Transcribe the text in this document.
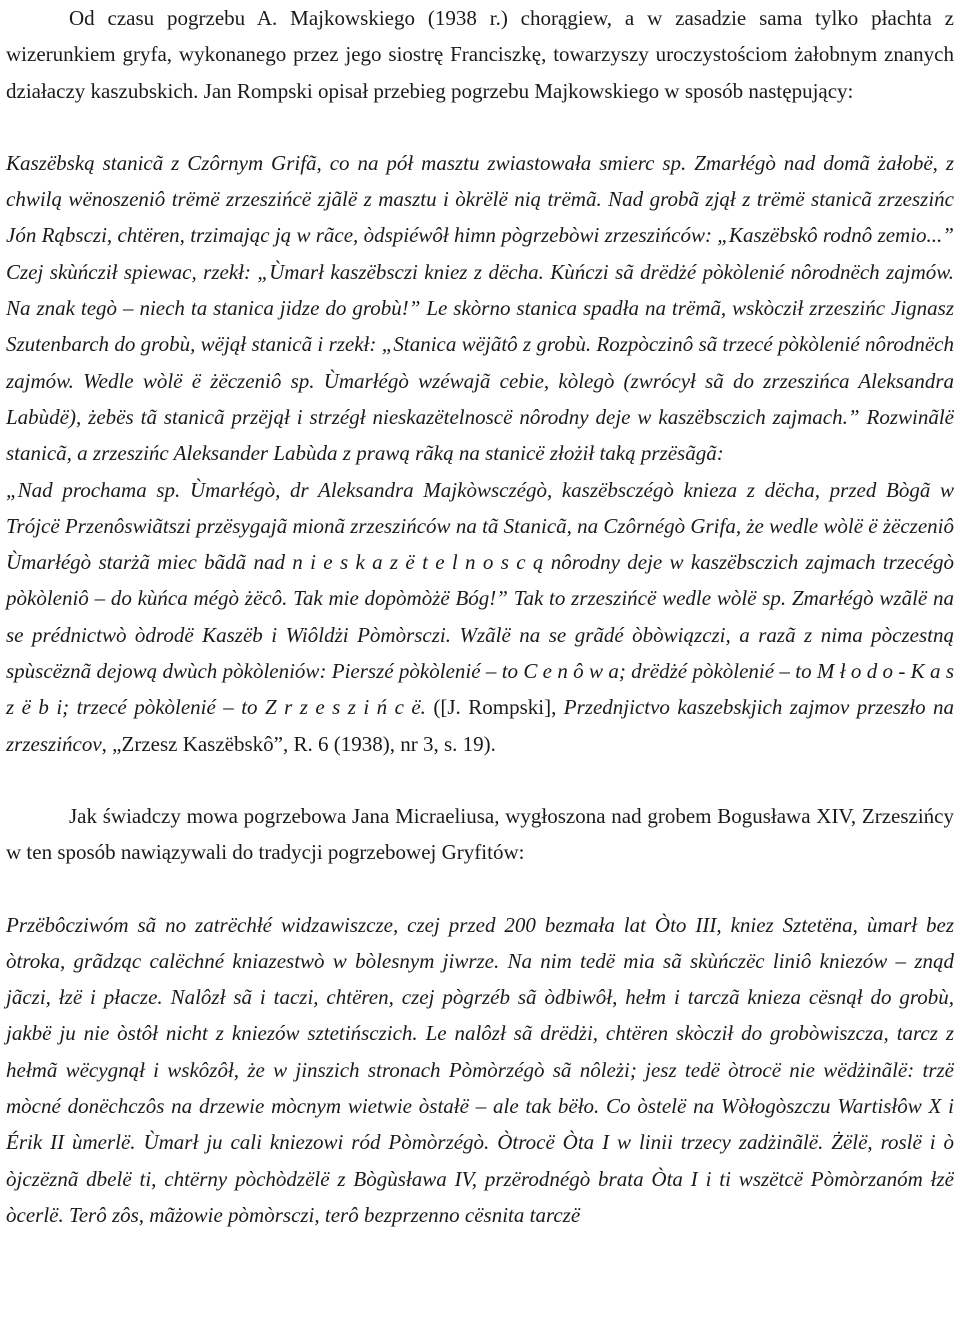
Od czasu pogrzebu A. Majkowskiego (1938 r.) chorągiew, a w zasadzie sama tylko płachta z wizerunkiem gryfa, wykonanego przez jego siostrę Franciszkę, towarzyszy uroczystościom żałobnym znanych działaczy kaszubskich. Jan Rompski opisał przebieg pogrzebu Majkowskiego w sposób następujący:

Kaszëbską stanicã z Czôrnym Grifã, co na pół masztu zwiastowała smierc sp. Zmarłégò nad domã żałobë, z chwilą wënoszeniô trëmë zrzeszińcë zjãlë z masztu i òkrëlë nią trëmã. Nad grobã zjął z trëmë stanicã zrzeszińc Jón Rąbsczi, chtëren, trzimając ją w rãce, òdspiéwôł himn pògrzebòwi zrzeszińców: „Kaszëbskô rodnô zemio...” Czej skùńcził spiewac, rzekł: „Ùmarł kaszëbsczi kniez z dëcha. Kùńczi sã drëdżé pòkòlenié nôrodnëch zajmów. Na znak tegò – niech ta stanica jidze do grobù!” Le skòrno stanica spadła na trëmã, wskòcził zrzeszińc Jignasz Szutenbarch do grobù, wëjął stanicã i rzekł: „Stanica wëjãtô z grobù. Rozpòczinô sã trzecé pòkòlenié nôrodnëch zajmów. Wedle wòlë ë żëczeniô sp. Ùmarłégò wzéwajã cebie, kòlegò (zwrócył sã do zrzeszińca Aleksandra Labùdë), żebës tã stanicã przëjął i strzégł nieskazëtelnoscë nôrodny deje w kaszëbsczich zajmach.” Rozwinãlë stanicã, a zrzeszińc Aleksander Labùda z prawą rãką na stanicë złożił taką przësãgã:

„Nad prochama sp. Ùmarłégò, dr Aleksandra Majkòwsczégò, kaszëbsczégò knieza z dëcha, przed Bògã w Trójcë Przenôswiãtszi przësygajã mionã zrzeszińców na tã Stanicã, na Czôrnégò Grifa, że wedle wòlë ë żëczeniô Ùmarłégò starżã miec bãdã nad n i e s k a z ë t e l n o s c ą nôrodny deje w kaszëbsczich zajmach trzecégò pòkòleniô – do kùńca mégò żëcô. Tak mie dopòmòżë Bóg!” Tak to zrzeszińcë wedle wòlë sp. Zmarłégò wzãlë na se prédnictwò òdrodë Kaszëb i Wiôldżi Pòmòrsczi. Wzãlë na se grãdé òbòwiązczi, a razã z nima pòczestną spùscëznã dejową dwùch pòkòleniów: Pierszé pòkòlenié – to C e n ô w a; drëdżé pòkòlenié – to M ł o d o - K a s z ë b i; trzecé pòkòlenié – to Z r z e s z i ń c ë. ([J. Rompski], Przednjictvo kaszebskjich zajmov przeszło na zrzeszińcov, „Zrzesz Kaszëbskô”, R. 6 (1938), nr 3, s. 19).

Jak świadczy mowa pogrzebowa Jana Micraeliusa, wygłoszona nad grobem Bogusława XIV, Zrzeszińcy w ten sposób nawiązywali do tradycji pogrzebowej Gryfitów:

Przëbôcziwóm sã no zatrëchłé widzawiszcze, czej przed 200 bezmała lat Òto III, kniez Sztetëna, ùmarł bez òtroka, grãdząc calëchné kniazestwò w bòlesnym jiwrze. Na nim tedë mia sã skùńczëc liniô kniezów – znąd jãczi, łzë i płacze. Nalôzł sã i taczi, chtëren, czej pògrzéb sã òdbiwôł, hełm i tarczã knieza cësnął do grobù, jakbë ju nie òstôł nicht z kniezów sztetińsczich. Le nalôzł sã drëdżi, chtëren skòcził do grobòwiszcza, tarcz z hełmã wëcygnął i wskôzôł, że w jinszich stronach Pòmòrzégò sã nôleżi; jesz tedë òtrocë nie wëdżinãlë: trzë mòcné donëchczôs na drzewie mòcnym wietwie òstałë – ale tak bëło. Co òstelë na Wòłogòszczu Wartisłôw X i Érik II ùmerlë. Ùmarł ju cali kniezowi ród Pòmòrzégò. Òtrocë Òta I w linii trzecy zadżinãlë. Żëlë, roslë i ò òjczëznã dbelë ti, chtërny pòchòdzëlë z Bògùsława IV, przërodnégò brata Òta I i ti wszëtcë Pòmòrzanóm łzë òcerlë. Terô zôs, mãżowie pòmòrsczi, terô bezprzenno cësnita tarczë
